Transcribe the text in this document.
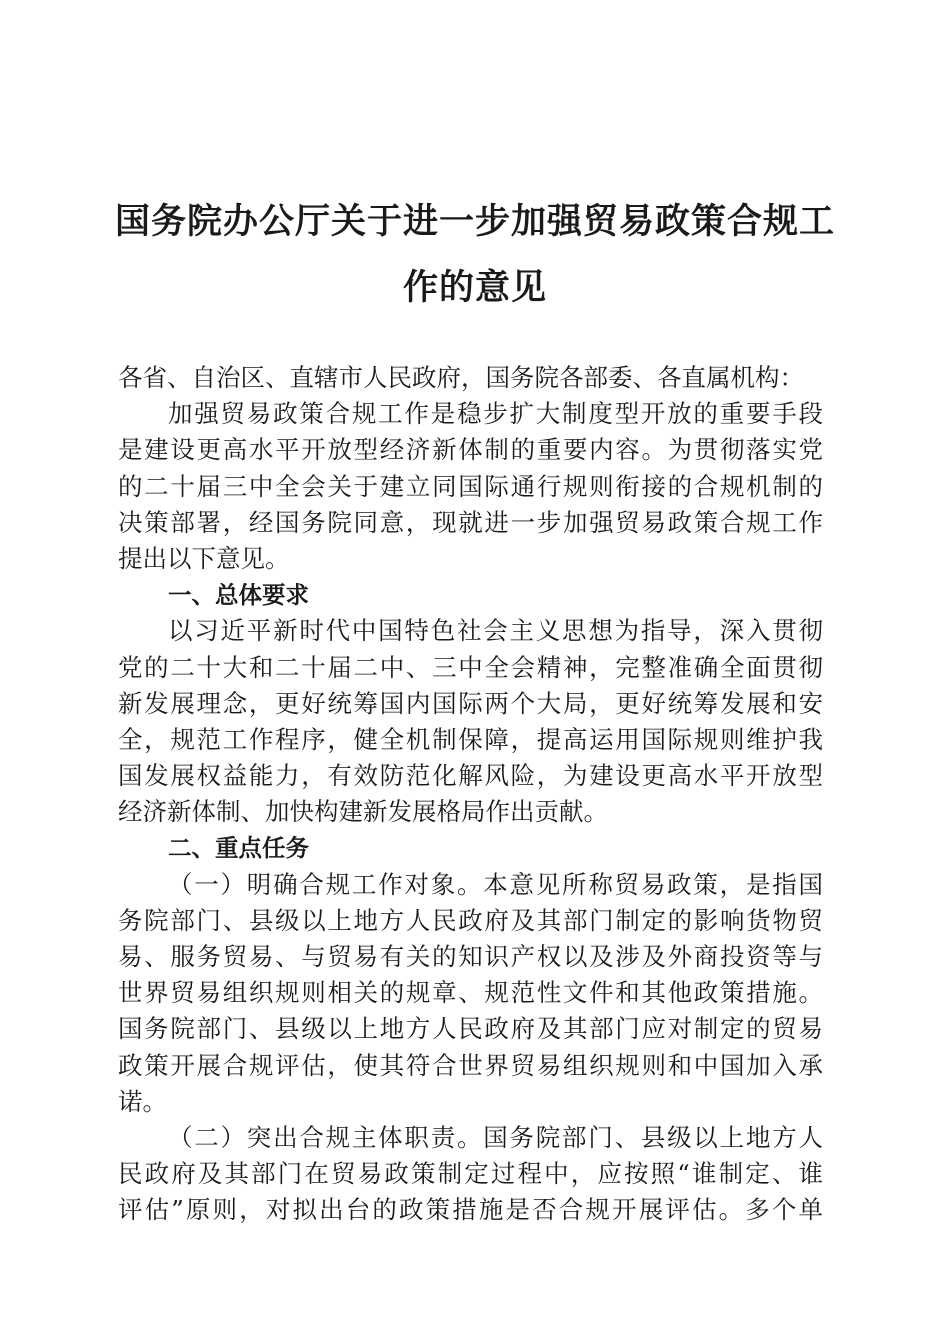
国务院办公厅关于进一步加强贸易政策合规工
作的意见
各省、自治区、直辖市人民政府，国务院各部委、各直属机构：
加强贸易政策合规工作是稳步扩大制度型开放的重要手段
是建设更高水平开放型经济新体制的重要内容。为贯彻落实党
的二十届三中全会关于建立同国际通行规则衔接的合规机制的
决策部署，经国务院同意，现就进一步加强贸易政策合规工作
提出以下意见。
一、总体要求
以习近平新时代中国特色社会主义思想为指导，深入贯彻
党的二十大和二十届二中、三中全会精神，完整准确全面贯彻
新发展理念，更好统筹国内国际两个大局，更好统筹发展和安
全，规范工作程序，健全机制保障，提高运用国际规则维护我
国发展权益能力，有效防范化解风险，为建设更高水平开放型
经济新体制、加快构建新发展格局作出贡献。
二、重点任务
（一）明确合规工作对象。本意见所称贸易政策，是指国
务院部门、县级以上地方人民政府及其部门制定的影响货物贸
易、服务贸易、与贸易有关的知识产权以及涉及外商投资等与
世界贸易组织规则相关的规章、规范性文件和其他政策措施。
国务院部门、县级以上地方人民政府及其部门应对制定的贸易
政策开展合规评估，使其符合世界贸易组织规则和中国加入承
诺。
（二）突出合规主体职责。国务院部门、县级以上地方人
民政府及其部门在贸易政策制定过程中，应按照“谁制定、谁
评估”原则，对拟出台的政策措施是否合规开展评估。多个单
